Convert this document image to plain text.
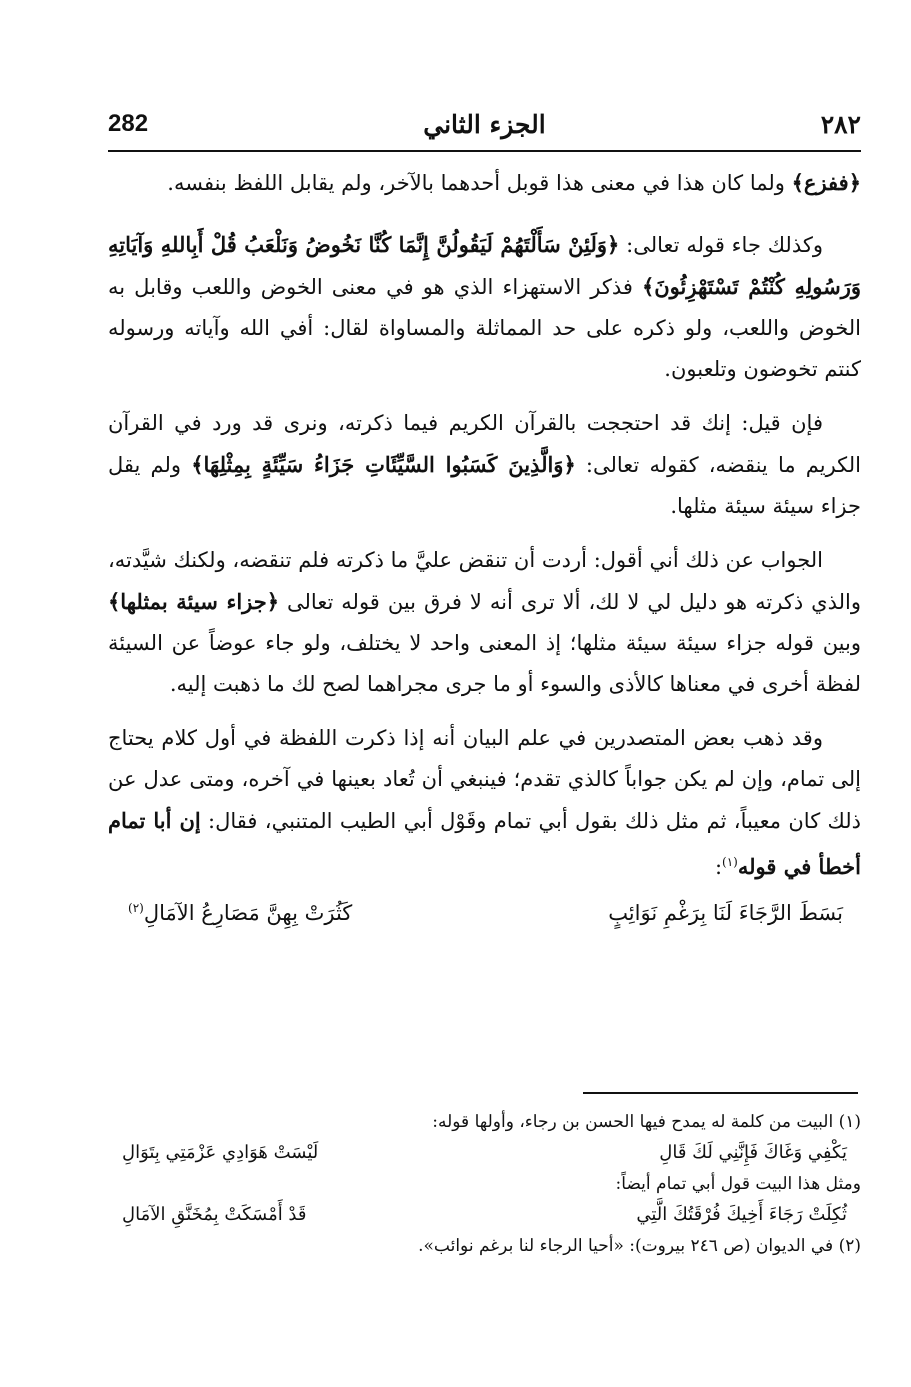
٢٨٢
الجزء الثاني
282

﴿ففزع﴾ ولما كان هذا في معنى هذا قوبل أحدهما بالآخر، ولم يقابل اللفظ بنفسه.

وكذلك جاء قوله تعالى: ﴿وَلَئِنْ سَأَلْتَهُمْ لَيَقُولُنَّ إِنَّمَا كُنَّا نَخُوضُ وَنَلْعَبُ قُلْ أَبِاللهِ وَآيَاتِهِ وَرَسُولِهِ كُنْتُمْ تَسْتَهْزِئُونَ﴾ فذكر الاستهزاء الذي هو في معنى الخوض واللعب وقابل به الخوض واللعب، ولو ذكره على حد المماثلة والمساواة لقال: أفي الله وآياته ورسوله كنتم تخوضون وتلعبون.

فإن قيل: إنك قد احتججت بالقرآن الكريم فيما ذكرته، ونرى قد ورد في القرآن الكريم ما ينقضه، كقوله تعالى: ﴿وَالَّذِينَ كَسَبُوا السَّيِّئَاتِ جَزَاءُ سَيِّئَةٍ بِمِثْلِهَا﴾ ولم يقل جزاء سيئة سيئة مثلها.

الجواب عن ذلك أني أقول: أردت أن تنقض عليَّ ما ذكرته فلم تنقضه، ولكنك شيَّدته، والذي ذكرته هو دليل لي لا لك، ألا ترى أنه لا فرق بين قوله تعالى ﴿جزاء سيئة بمثلها﴾ وبين قوله جزاء سيئة سيئة مثلها؛ إذ المعنى واحد لا يختلف، ولو جاء عوضاً عن السيئة لفظة أخرى في معناها كالأذى والسوء أو ما جرى مجراهما لصح لك ما ذهبت إليه.

وقد ذهب بعض المتصدرين في علم البيان أنه إذا ذكرت اللفظة في أول كلام يحتاج إلى تمام، وإن لم يكن جواباً كالذي تقدم؛ فينبغي أن تُعاد بعينها في آخره، ومتى عدل عن ذلك كان معيباً، ثم مثل ذلك بقول أبي تمام وقَوْل أبي الطيب المتنبي، فقال: إن أبا تمام أخطأ في قوله$^{(١)}$:

بَسَطَ الرَّجَاءَ لَنَا بِرَغْمِ نَوَائِبٍ
كَثُرَتْ بِهِنَّ مَصَارِعُ الآمَالِ$^{(٢)}$

(١) البيت من كلمة له يمدح فيها الحسن بن رجاء، وأولها قوله:

يَكْفِي وَغَاكَ فَإِنَّنِي لَكَ قَالِ
لَيْسَتْ هَوَادِي عَزْمَتِي بِتَوَالِ

ومثل هذا البيت قول أبي تمام أيضاً:

ثُكِلَتْ رَجَاءَ أَخِيكَ فُرْقَتُكَ الَّتِي
قَدْ أَمْسَكَتْ بِمُخَنَّقِ الآمَالِ

(٢) في الديوان (ص ٢٤٦ بيروت): «أحيا الرجاء لنا برغم نوائب».
